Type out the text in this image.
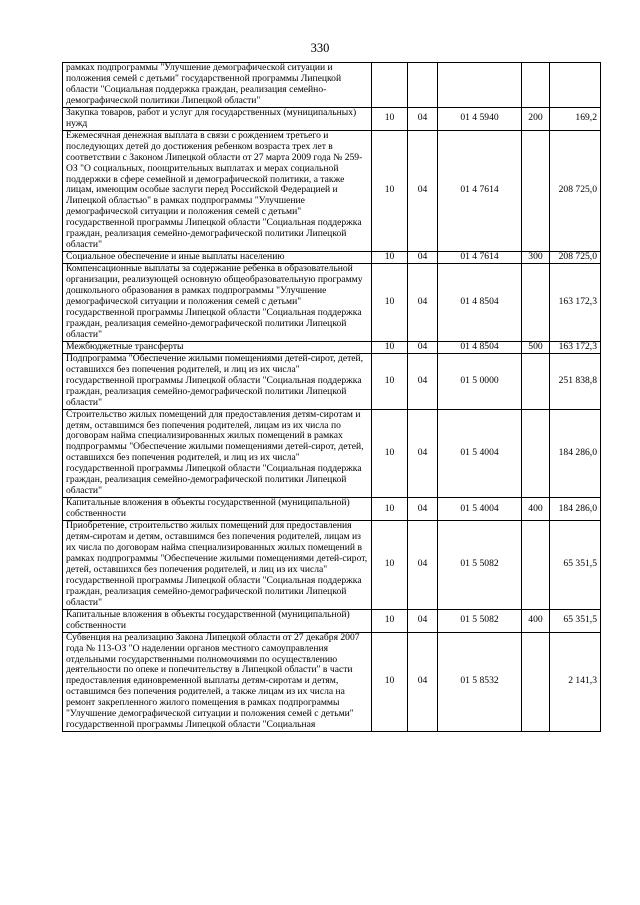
330
рамках подпрограммы "Улучшение демографической ситуации и положения семей с детьми" государственной программы Липецкой области "Социальная поддержка граждан, реализация семейно-демографической политики Липецкой области"					
Закупка товаров, работ и услуг для государственных (муниципальных) нужд	10	04	01 4 5940	200	169,2
Ежемесячная денежная выплата в связи с рождением третьего и последующих детей до достижения ребенком возраста трех лет в соответствии с Законом Липецкой области от 27 марта 2009 года № 259-ОЗ "О социальных, поощрительных выплатах и мерах социальной поддержки в сфере семейной и демографической политики, а также лицам, имеющим особые заслуги перед Российской Федерацией и Липецкой областью" в рамках подпрограммы "Улучшение демографической ситуации и положения семей с детьми" государственной программы Липецкой области "Социальная поддержка граждан, реализация семейно-демографической политики Липецкой области"	10	04	01 4 7614		208 725,0
Социальное обеспечение и иные выплаты населению	10	04	01 4 7614	300	208 725,0
Компенсационные выплаты за содержание ребенка в образовательной организации, реализующей основную общеобразовательную программу дошкольного образования в рамках подпрограммы "Улучшение демографической ситуации и положения семей с детьми" государственной программы Липецкой области "Социальная поддержка граждан, реализация семейно-демографической политики Липецкой области"	10	04	01 4 8504		163 172,3
Межбюджетные трансферты	10	04	01 4 8504	500	163 172,3
Подпрограмма "Обеспечение жилыми помещениями детей-сирот, детей, оставшихся без попечения родителей, и лиц из их числа" государственной программы Липецкой области "Социальная поддержка граждан, реализация семейно-демографической политики Липецкой области"	10	04	01 5 0000		251 838,8
Строительство жилых помещений для предоставления детям-сиротам и детям, оставшимся без попечения родителей, лицам из их числа по договорам найма специализированных жилых помещений в рамках подпрограммы "Обеспечение жилыми помещениями детей-сирот, детей, оставшихся без попечения родителей, и лиц из их числа" государственной программы Липецкой области "Социальная поддержка граждан, реализация семейно-демографической политики Липецкой области"	10	04	01 5 4004		184 286,0
Капитальные вложения в объекты государственной (муниципальной) собственности	10	04	01 5 4004	400	184 286,0
Приобретение, строительство жилых помещений для предоставления детям-сиротам и детям, оставшимся без попечения родителей, лицам из их числа по договорам найма специализированных жилых помещений в рамках подпрограммы "Обеспечение жилыми помещениями детей-сирот, детей, оставшихся без попечения родителей, и лиц из их числа" государственной программы Липецкой области "Социальная поддержка граждан, реализация семейно-демографической политики Липецкой области"	10	04	01 5 5082		65 351,5
Капитальные вложения в объекты государственной (муниципальной) собственности	10	04	01 5 5082	400	65 351,5
Субвенция на реализацию Закона Липецкой области от 27 декабря 2007 года № 113-ОЗ "О наделении органов местного самоуправления отдельными государственными полномочиями по осуществлению деятельности по опеке и попечительству в Липецкой области" в части предоставления единовременной выплаты детям-сиротам и детям, оставшимся без попечения родителей, а также лицам из их числа на ремонт закрепленного жилого помещения в рамках подпрограммы "Улучшение демографической ситуации и положения семей с детьми" государственной программы Липецкой области "Социальная	10	04	01 5 8532		2 141,3
